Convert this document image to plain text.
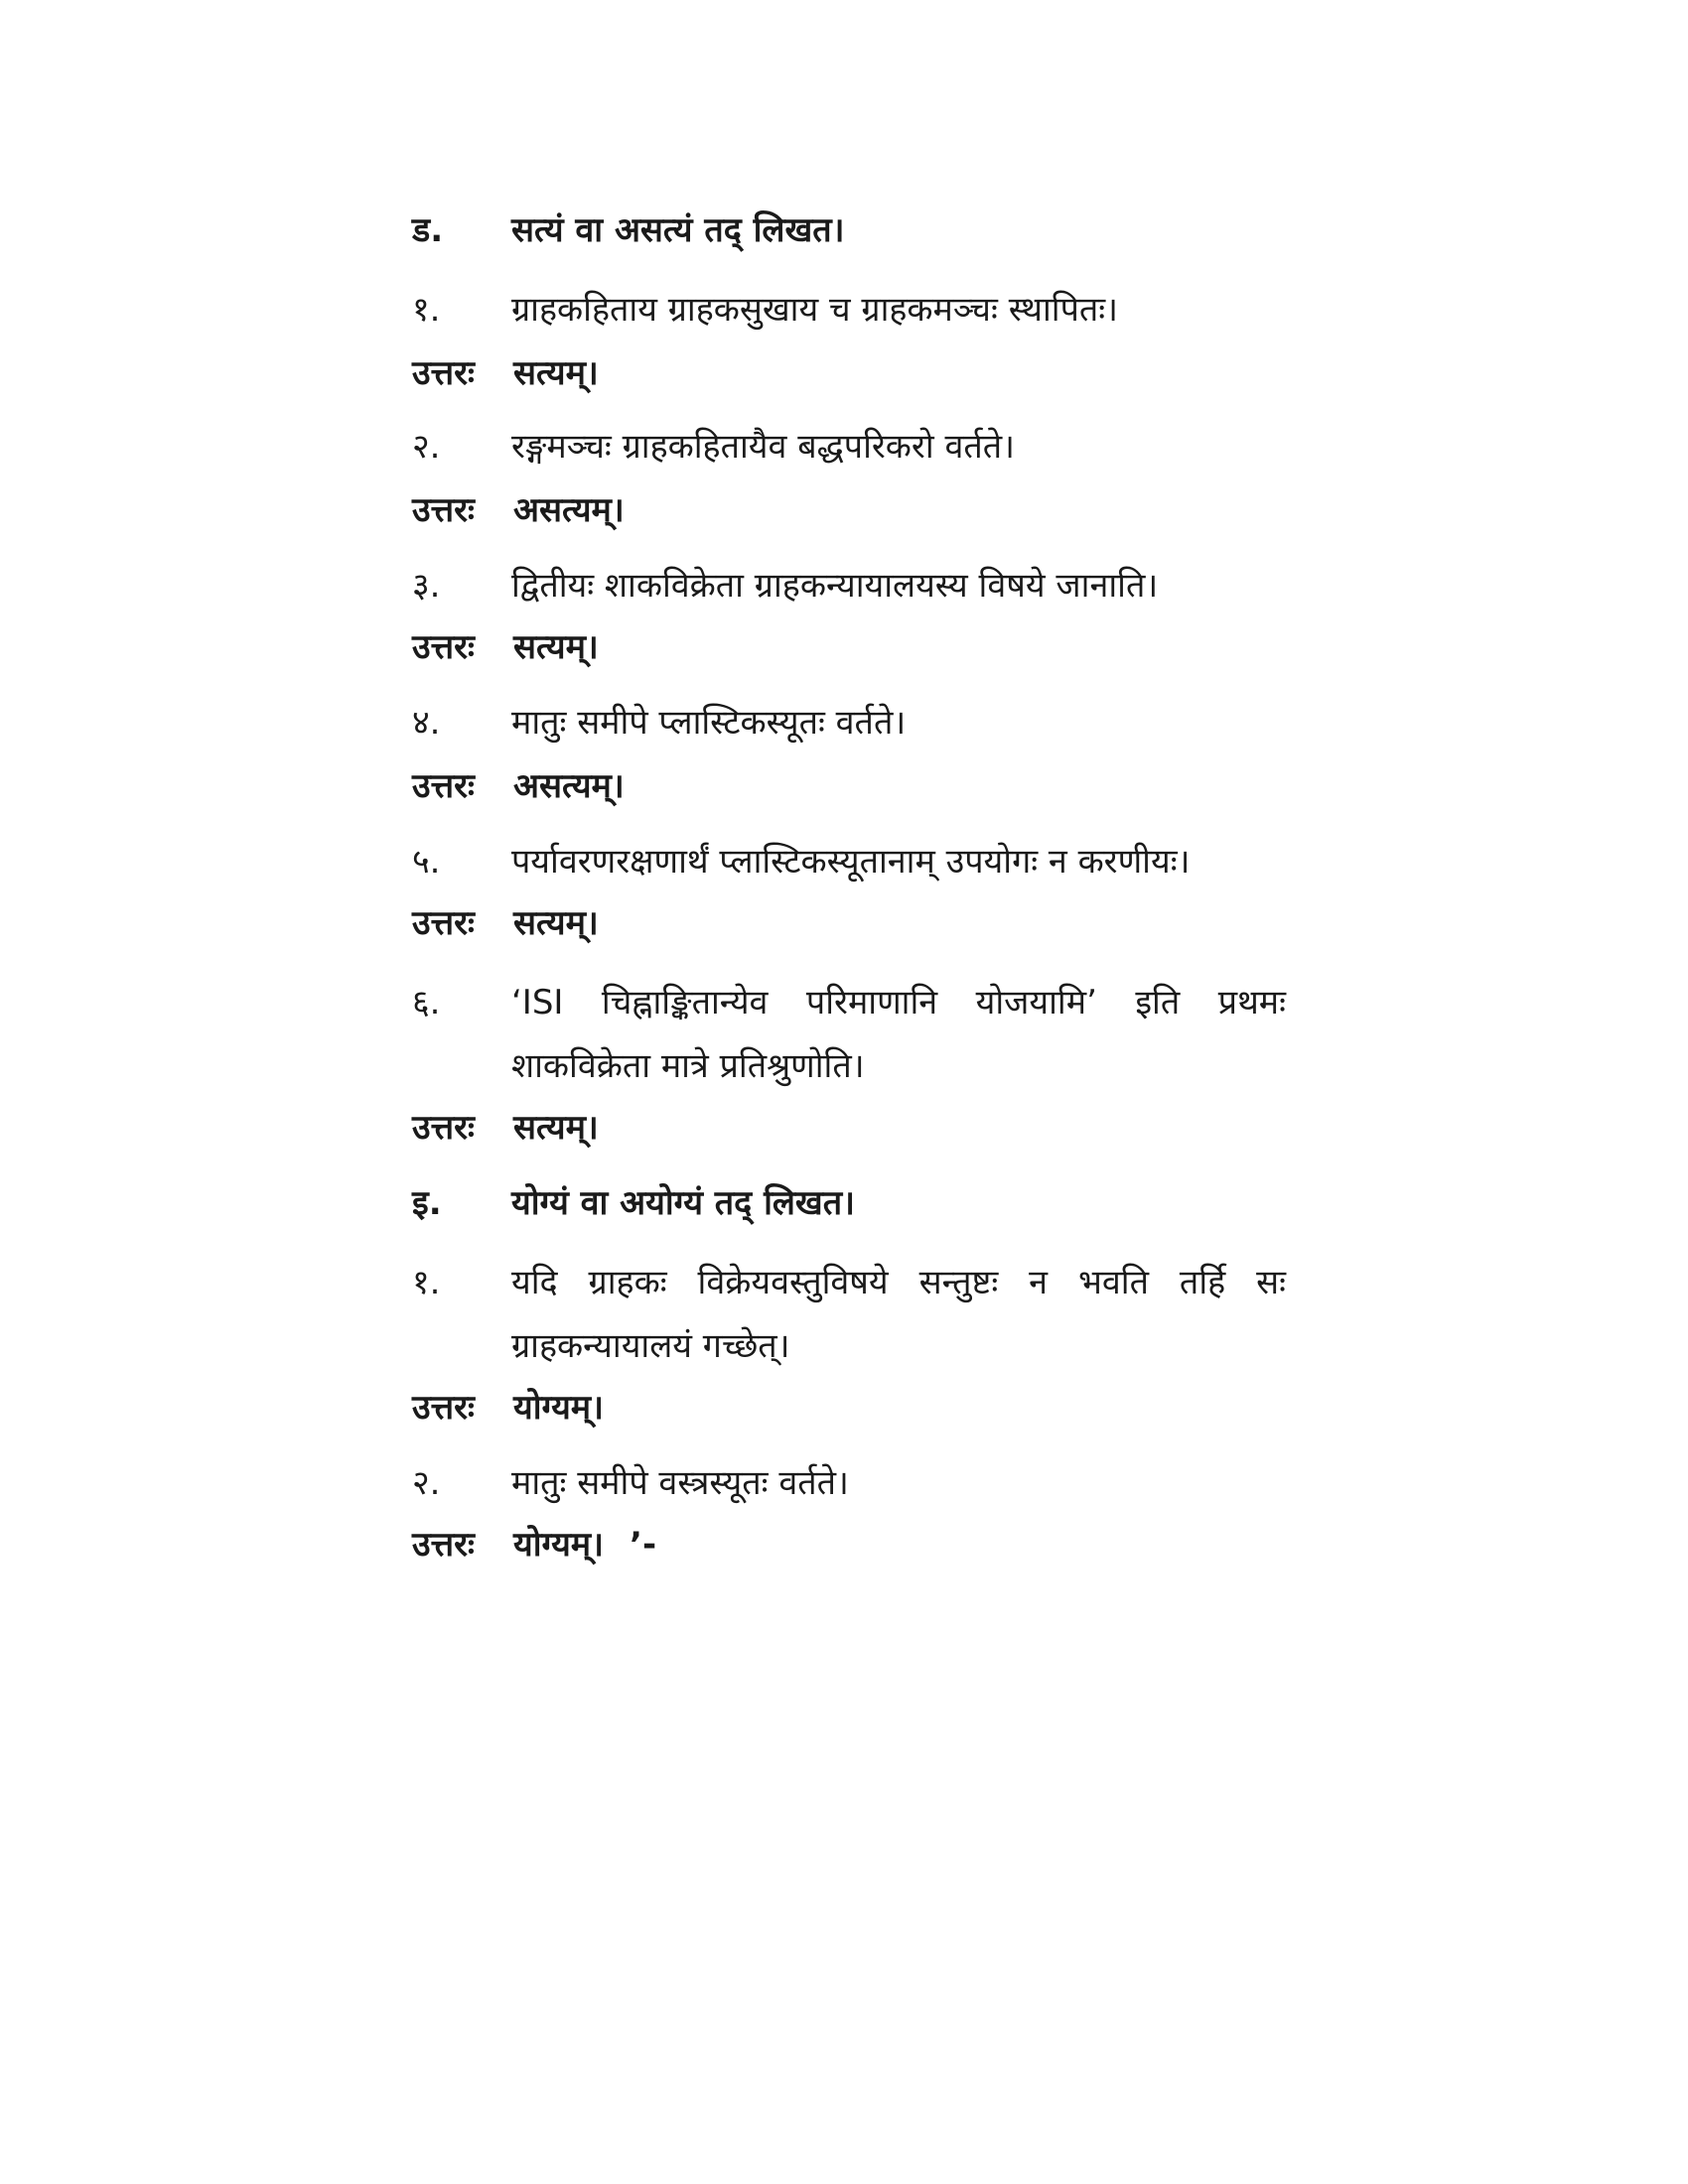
ड.	सत्यं वा असत्यं तद् लिखत।
१.	ग्राहकहिताय ग्राहकसुखाय च ग्राहकमञ्चः स्थापितः।
उत्तरः सत्यम्।
२.	रङ्गमञ्चः ग्राहकहितायैव बद्धपरिकरो वर्तते।
उत्तरः असत्यम्।
३.	द्वितीयः शाकविक्रेता ग्राहकन्यायालयस्य विषये जानाति।
उत्तरः सत्यम्।
४.	मातुः समीपे प्लास्टिकस्यूतः वर्तते।
उत्तरः असत्यम्।
५.	पर्यावरणरक्षणार्थं प्लास्टिकस्यूतानाम् उपयोगः न करणीयः।
उत्तरः सत्यम्।
६.	‘ISI चिह्नाङ्कितान्येव परिमाणानि योजयामि’ इति प्रथमः शाकविक्रेता मात्रे प्रतिश्रुणोति।
उत्तरः सत्यम्।
इ.	योग्यं वा अयोग्यं तद् लिखत।
१.	यदि ग्राहकः विक्रेयवस्तुविषये सन्तुष्टः न भवति तर्हि सः ग्राहकन्यायालयं गच्छेत्।
उत्तरः योग्यम्।
२.	मातुः समीपे वस्त्रस्यूतः वर्तते।
उत्तरः योग्यम्। ’-
